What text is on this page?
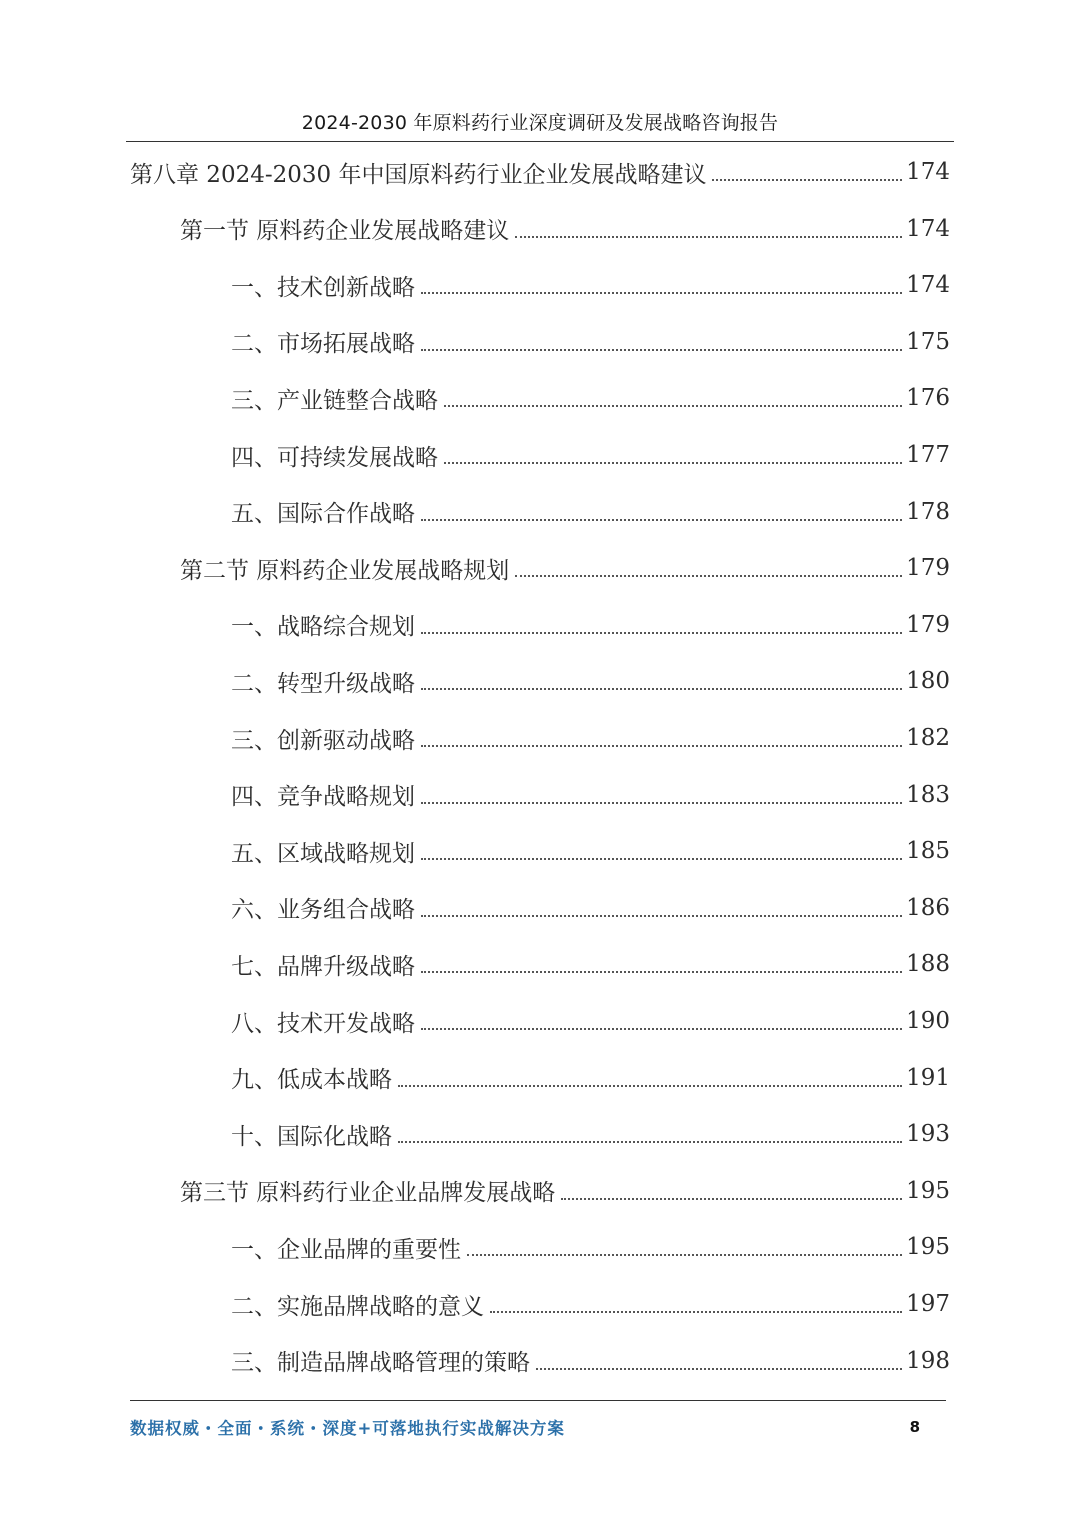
2024-2030 年原料药行业深度调研及发展战略咨询报告
第八章 2024-2030 年中国原料药行业企业发展战略建议	174
第一节 原料药企业发展战略建议	174
一、技术创新战略	174
二、市场拓展战略	175
三、产业链整合战略	176
四、可持续发展战略	177
五、国际合作战略	178
第二节 原料药企业发展战略规划	179
一、战略综合规划	179
二、转型升级战略	180
三、创新驱动战略	182
四、竞争战略规划	183
五、区域战略规划	185
六、业务组合战略	186
七、品牌升级战略	188
八、技术开发战略	190
九、低成本战略	191
十、国际化战略	193
第三节 原料药行业企业品牌发展战略	195
一、企业品牌的重要性	195
二、实施品牌战略的意义	197
三、制造品牌战略管理的策略	198
数据权威・全面・系统・深度+可落地执行实战解决方案	8
